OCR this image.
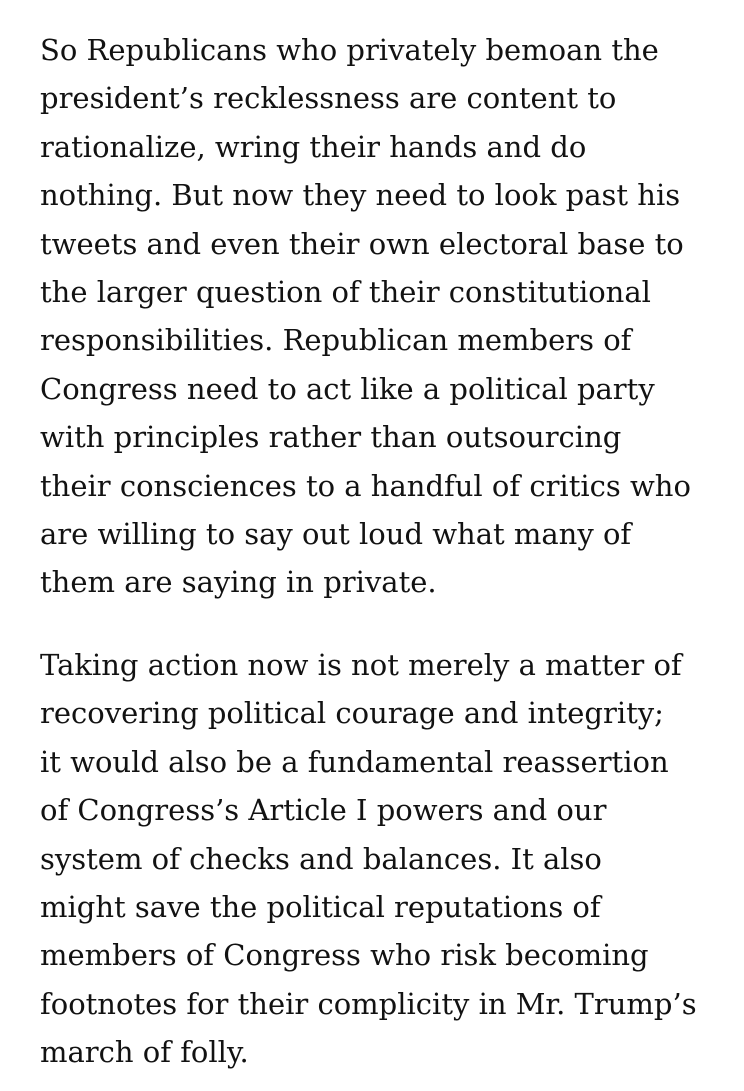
So Republicans who privately bemoan the
president’s recklessness are content to
rationalize, wring their hands and do
nothing. But now they need to look past his
tweets and even their own electoral base to
the larger question of their constitutional
responsibilities. Republican members of
Congress need to act like a political party
with principles rather than outsourcing
their consciences to a handful of critics who
are willing to say out loud what many of
them are saying in private.

Taking action now is not merely a matter of
recovering political courage and integrity;
it would also be a fundamental reassertion
of Congress’s Article I powers and our
system of checks and balances. It also
might save the political reputations of
members of Congress who risk becoming
footnotes for their complicity in Mr. Trump’s
march of folly.
